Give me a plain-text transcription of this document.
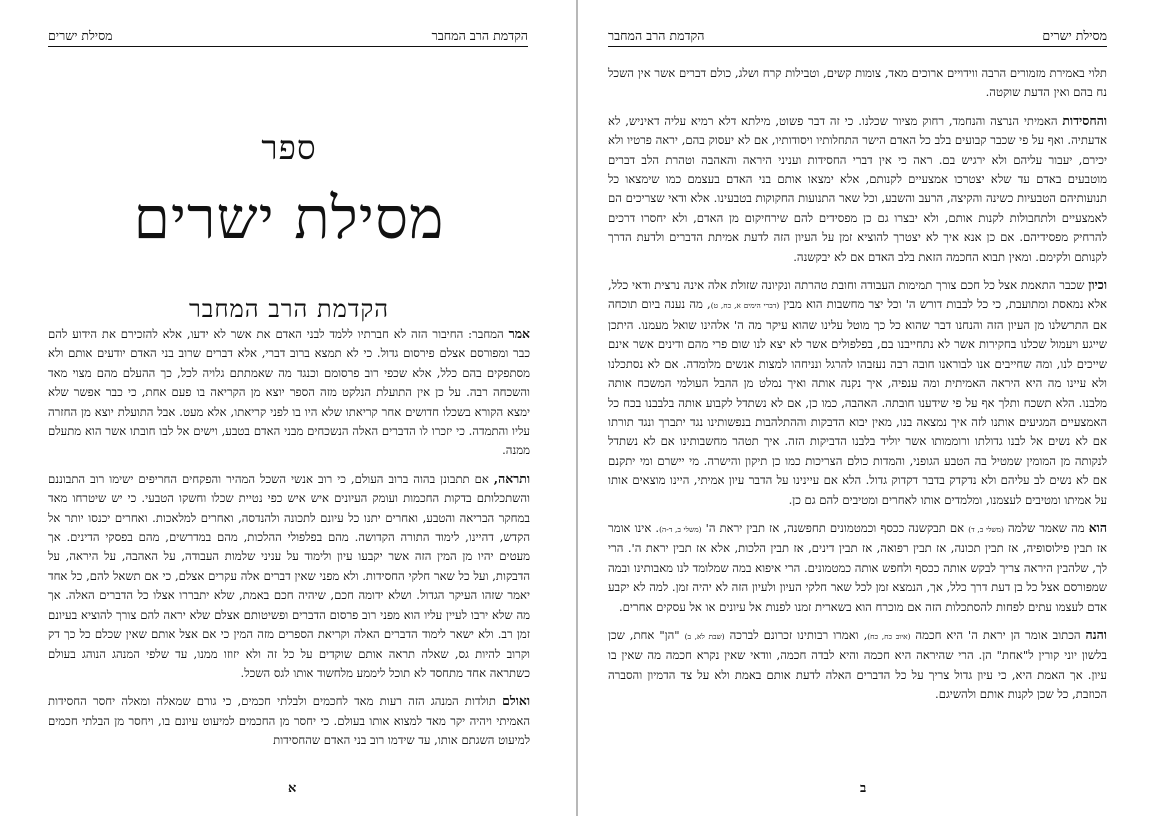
הקדמת הרב המחבר
מסילת ישרים
ספר
מסילת ישרים
הקדמת הרב המחבר

אמר המחבר: החיבור הזה לא חברתיו ללמד לבני האדם את אשר לא ידעו, אלא להזכירם את הידוע להם כבר ומפורסם אצלם פירסום גדול. כי לא תמצא ברוב דברי, אלא דברים שרוב בני האדם יודעים אותם ולא מסתפקים בהם כלל, אלא שכפי רוב פרסומם וכנגד מה שאמתתם גלויה לכל, כך ההעלם מהם מצוי מאד והשכחה רבה. על כן אין התועלת הנלקט מזה הספר יוצא מן הקריאה בו פעם אחת, כי כבר אפשר שלא ימצא הקורא בשכלו חדושים אחר קריאתו שלא היו בו לפני קריאתו, אלא מעט. אבל התועלת יוצא מן החזרה עליו והתמדה. כי יזכרו לו הדברים האלה הנשכחים מבני האדם בטבע, וישים אל לבו חובתו אשר הוא מתעלם ממנה.

ותראה, אם תתבונן בהוה ברוב העולם, כי רוב אנשי השכל המהיר והפקחים החריפים ישימו רוב התבוננם והשתכלותם בדקות החכמות ועומק העיונים איש איש כפי נטיית שכלו וחשקו הטבעי. כי יש שיטרחו מאד במחקר הבריאה והטבע, ואחרים יתנו כל עיונם לתכונה ולהנדסה, ואחרים למלאכות. ואחרים יכנסו יותר אל הקדש, דהיינו, לימוד התורה הקדושה. מהם בפלפולי ההלכות, מהם במדרשים, מהם בפסקי הדינים. אך מעטים יהיו מן המין הזה אשר יקבעו עיון ולימוד על עניני שלמות העבודה, על האהבה, על היראה, על הדבקות, ועל כל שאר חלקי החסידות. ולא מפני שאין דברים אלה עקרים אצלם, כי אם תשאל להם, כל אחד יאמר שזהו העיקר הגדול. ושלא ידומה חכם, שיהיה חכם באמת, שלא יתבררו אצלו כל הדברים האלה. אך מה שלא ירבו לעיין עליו הוא מפני רוב פרסום הדברים ופשיטותם אצלם שלא יראה להם צורך להוציא בעיונם זמן רב. ולא ישאר לימוד הדברים האלה וקריאת הספרים מזה המין כי אם אצל אותם שאין שכלם כל כך דק וקרוב להיות גס, שאלה תראה אותם שוקדים על כל זה ולא יזוזו ממנו, עד שלפי המנהג הנוהג בעולם כשתראה אחד מתחסד לא תוכל ליממע מלחשוד אותו לגס השכל.

ואולם תולדות המנהג הזה רעות מאד לחכמים ולבלתי חכמים, כי גורם שמאלה ומאלה יחסר החסידות האמיתי ויהיה יקר מאד למצוא אותו בעולם. כי יחסר מן החכמים למיעוט עיונם בו, ויחסר מן הבלתי חכמים למיעוט השגתם אותו, עד שידמו רוב בני האדם שהחסידות

א
מסילת ישרים
הקדמת הרב המחבר

תלוי באמירת מזמורים הרבה ווידויים ארוכים מאד, צומות קשים, וטבילות קרח ושלג, כולם דברים אשר אין השכל נח בהם ואין הדעת שוקטה.

והחסידות האמיתי הנרצה והנחמד, רחוק מציור שכלנו. כי זה דבר פשוט, מילתא דלא רמיא עליה דאיניש, לא אדעתיה. ואף על פי שכבר קבועים בלב כל האדם הישר התחלותיו ויסודותיו, אם לא יעסוק בהם, יראה פרטיו ולא יכירם, יעבור עליהם ולא ירגיש בם. ראה כי אין דברי החסידות ועניני היראה והאהבה וטהרת הלב דברים מוטבעים באדם עד שלא יצטרכו אמצעיים לקנותם, אלא ימצאו אותם בני האדם בעצמם כמו שימצאו כל תנועותיהם הטבעיות כשינה והקיצה, הרעב והשבע, וכל שאר התנועות החקוקות בטבעינו. אלא ודאי שצריכים הם לאמצעיים ולתחבולות לקנות אותם, ולא יבצרו גם כן מפסידים להם שירחיקום מן האדם, ולא יחסרו דרכים להרחיק מפסידיהם. אם כן אנא איך לא יצטרך להוציא זמן על העיון הזה לדעת אמיתת הדברים ולדעת הדרך לקנותם ולקימם. ומאין תבוא החכמה הזאת בלב האדם אם לא יבקשנה.

וכיון שכבר התאמת אצל כל חכם צורך תמימות העבודה וחובת טהרתה ונקיונה שזולת אלה אינה נרצית ודאי כלל, אלא נמאסת ומתועבת, כי כל לבבות דורש ה' וכל יצר מחשבות הוא מבין (דברי הימים א, כח, ט), מה נענה ביום תוכחה אם התרשלנו מן העיון הזה והנחנו דבר שהוא כל כך מוטל עלינו שהוא עיקר מה ה' אלהינו שואל מעמנו. היתכן שייגע ויעמול שכלנו בחקירות אשר לא נתחייבנו בם, בפלפולים אשר לא יצא לנו שום פרי מהם ודינים אשר אינם שייכים לנו, ומה שחייבים אנו לבוראנו חובה רבה נעזבהו להרגל ונניחהו למצות אנשים מלומדה. אם לא נסתכלנו ולא עיינו מה היא היראה האמיתית ומה ענפיה, איך נקנה אותה ואיך נמלט מן ההבל העולמי המשכח אותה מלבנו. הלא תשכח ותלך אף על פי שידענו חובתה. האהבה, כמו כן, אם לא נשתדל לקבוע אותה בלבבנו בכח כל האמצעיים המגיעים אותנו לזה איך נמצאה בנו, מאין יבוא הדבקות וההתלהבות בנפשותינו נגד יתברך ונגד תורתו אם לא נשים אל לבנו גדולתו ורוממותו אשר יוליד בלבנו הדביקות הזה. איך תטהר מחשבותינו אם לא נשתדל לנקותה מן המומין שמטיל בה הטבע הגופני, והמדות כולם הצריכות כמו כן תיקון והישרה. מי יישרם ומי יתקנם אם לא נשים לב עליהם ולא נדקדק בדבר דקדוק גדול. הלא אם עיינינו על הדבר עיון אמיתי, היינו מוצאים אותו על אמיתו ומטיבים לעצמנו, ומלמדים אותו לאחרים ומטיבים להם גם כן.

הוא מה שאמר שלמה (משלי ב, ד) אם תבקשנה ככסף וכמטמונים תחפשנה, אז תבין יראת ה' (משלי ב, ד-ה). אינו אומר אז תבין פילוסופיה, אז תבין תכונה, אז תבין רפואה, אז תבין דינים, אז תבין הלכות, אלא אז תבין יראת ה'. הרי לך, שלהבין היראה צריך לבקש אותה ככסף ולחפש אותה כמטמונים. הרי איפוא במה שמלומד לנו מאבותינו ובמה שמפורסם אצל כל בן דעת דרך כלל, אך, הנמצא זמן לכל שאר חלקי העיון ולעיון הזה לא יהיה זמן. למה לא יקבע אדם לעצמו עתים לפחות להסתכלות הזה אם מוכרח הוא בשארית זמנו לפנות אל עיונים או אל עסקים אחרים.

והנה הכתוב אומר הן יראת ה' היא חכמה (איוב כח, כח), ואמרו רבותינו זכרונם לברכה (שבת לא, ב) "הן" אחת, שכן בלשון יוני קורין ל"אחת" הן. הרי שהיראה היא חכמה והיא לבדה חכמה, וודאי שאין נקרא חכמה מה שאין בו עיון. אך האמת היא, כי עיון גדול צריך על כל הדברים האלה לדעת אותם באמת ולא על צד הדמיון והסברה הכוזבת, כל שכן לקנות אותם ולהשיגם.

ב
